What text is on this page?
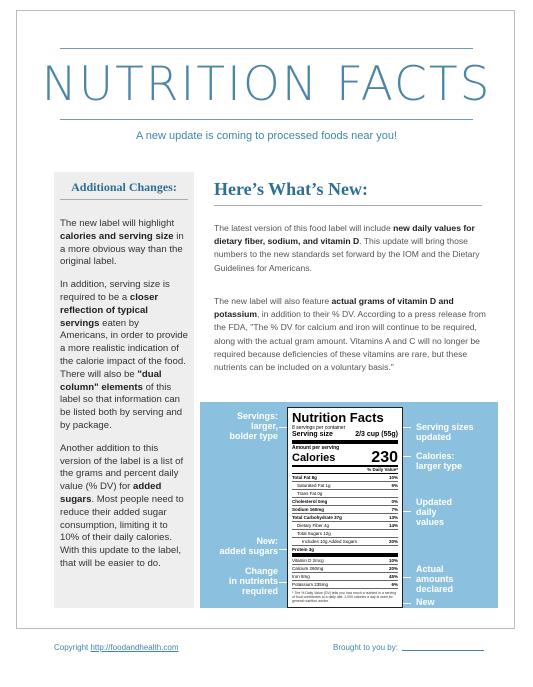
NUTRITION FACTS
A new update is coming to processed foods near you!
Additional Changes:

The new label will highlight calories and serving size in a more obvious way than the original label.

In addition, serving size is required to be a closer reflection of typical servings eaten by Americans, in order to provide a more realistic indication of the calorie impact of the food. There will also be "dual column" elements of this label so that information can be listed both by serving and by package.

Another addition to this version of the label is a list of the grams and percent daily value (% DV) for added sugars. Most people need to reduce their added sugar consumption, limiting it to 10% of their daily calories. With this update to the label, that will be easier to do.

Here’s What’s New:

The latest version of this food label will include new daily values for dietary fiber, sodium, and vitamin D. This update will bring those numbers to the new standards set forward by the IOM and the Dietary Guidelines for Americans.

The new label will also feature actual grams of vitamin D and potassium, in addition to their % DV. According to a press release from the FDA, "The % DV for calcium and iron will continue to be required, along with the actual gram amount. Vitamins A and C will no longer be required because deficiencies of these vitamins are rare, but these nutrients can be included on a voluntary basis."

Nutrition Facts
8 servings per container
Serving size	2/3 cup (55g)
Amount per serving
Calories 230
% Daily Value*
Total Fat 8g	10%
Saturated Fat 1g	5%
Trans Fat 0g
Cholesterol 0mg	0%
Sodium 160mg	7%
Total Carbohydrate 37g	13%
Dietary Fiber 4g	14%
Total Sugars 12g
Includes 10g Added Sugars	20%
Protein 3g
Vitamin D 2mcg	10%
Calcium 260mg	20%
Iron 8mg	45%
Potassium 235mg	6%
* The % Daily Value (DV) tells you how much a nutrient in a serving of food contributes to a daily diet. 2,000 calories a day is used for general nutrition advice.
Servings:
larger,
bolder type
New:
added sugars
Change
in nutrients
required
Serving sizes
updated
Calories:
larger type
Updated
daily
values
Actual
amounts
declared
New
footnote
Copyright http://foodandhealth.com	Brought to you by:
